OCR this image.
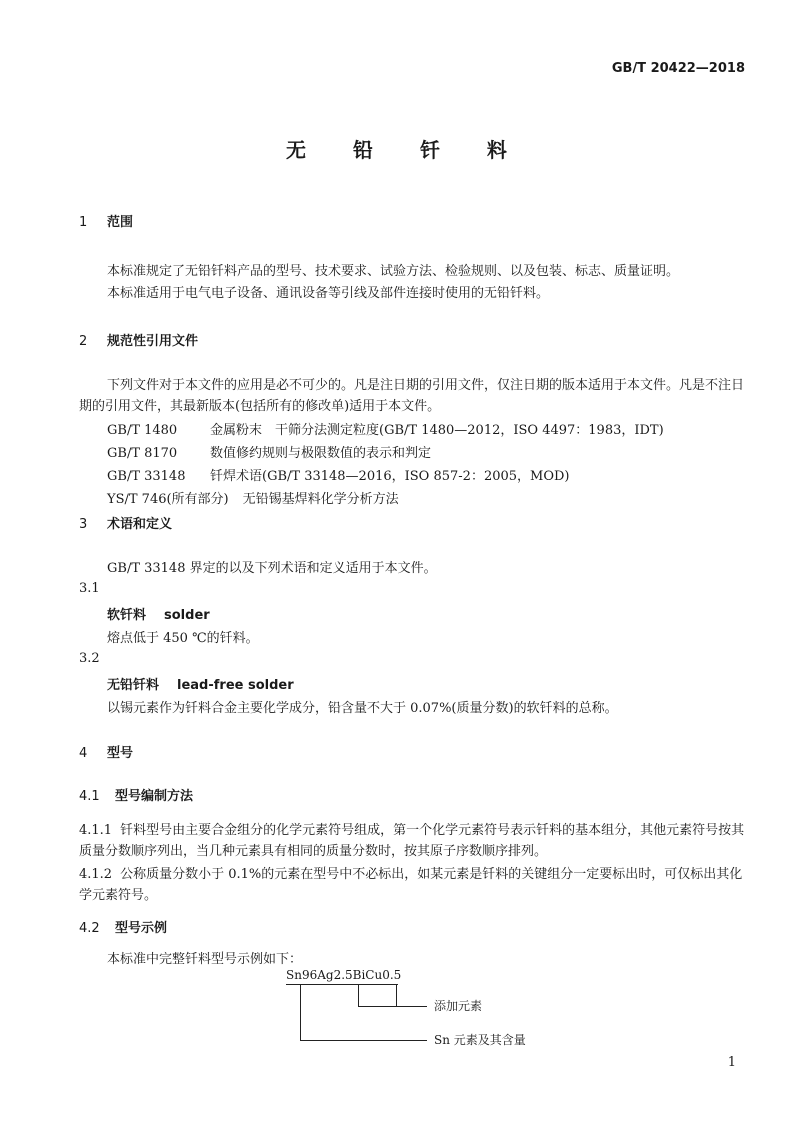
GB/T 20422—2018
无 铅 钎 料
1 范围
本标准规定了无铅钎料产品的型号、技术要求、试验方法、检验规则、以及包装、标志、质量证明。
本标准适用于电气电子设备、通讯设备等引线及部件连接时使用的无铅钎料。
2 规范性引用文件
下列文件对于本文件的应用是必不可少的。凡是注日期的引用文件，仅注日期的版本适用于本文件。凡是不注日期的引用文件，其最新版本(包括所有的修改单)适用于本文件。
GB/T 1480	金属粉末　干筛分法测定粒度(GB/T 1480—2012，ISO 4497：1983，IDT)
GB/T 8170	数值修约规则与极限数值的表示和判定
GB/T 33148 钎焊术语(GB/T 33148—2016，ISO 857-2：2005，MOD)
YS/T 746(所有部分) 无铅锡基焊料化学分析方法
3 术语和定义
GB/T 33148 界定的以及下列术语和定义适用于本文件。
3.1
软钎料 solder
熔点低于 450 ℃的钎料。
3.2
无铅钎料 lead-free solder
以锡元素作为钎料合金主要化学成分，铅含量不大于 0.07%(质量分数)的软钎料的总称。
4 型号
4.1 型号编制方法
4.1.1 钎料型号由主要合金组分的化学元素符号组成，第一个化学元素符号表示钎料的基本组分，其他元素符号按其质量分数顺序列出，当几种元素具有相同的质量分数时，按其原子序数顺序排列。
4.1.2 公称质量分数小于 0.1%的元素在型号中不必标出，如某元素是钎料的关键组分一定要标出时，可仅标出其化学元素符号。
4.2 型号示例
本标准中完整钎料型号示例如下：
Sn96Ag2.5BiCu0.5
添加元素
Sn 元素及其含量
1
